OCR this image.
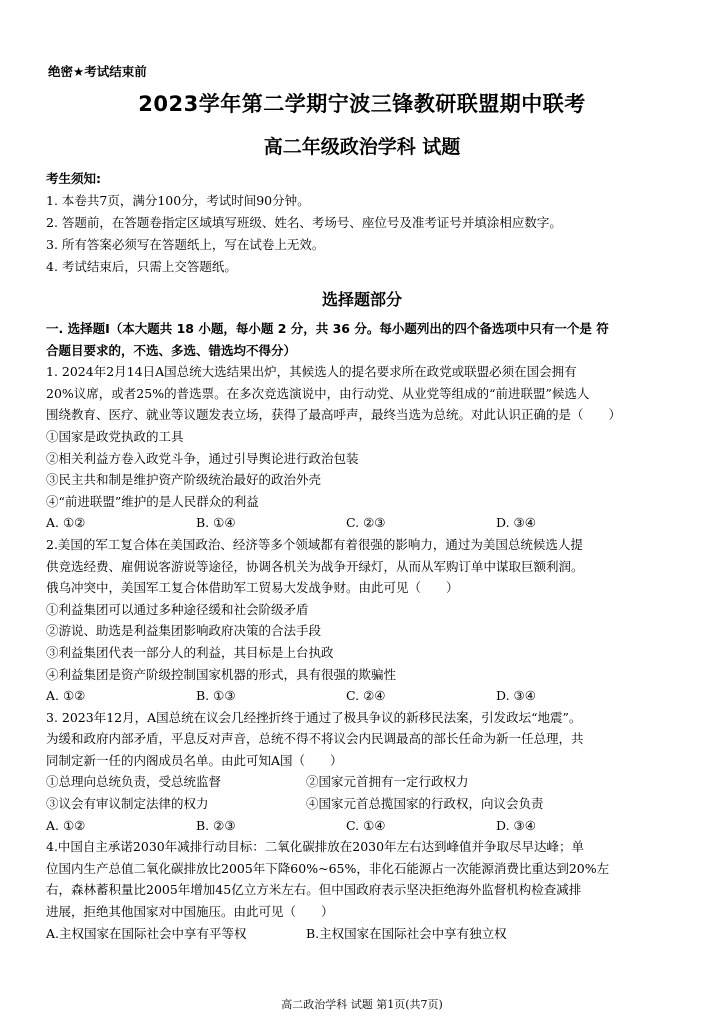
绝密★考试结束前
2023学年第二学期宁波三锋教研联盟期中联考
高二年级政治学科 试题
考生须知:
1. 本卷共7页，满分100分，考试时间90分钟。
2. 答题前，在答题卷指定区域填写班级、姓名、考场号、座位号及准考证号并填涂相应数字。
3. 所有答案必须写在答题纸上，写在试卷上无效。
4. 考试结束后，只需上交答题纸。
选择题部分
一. 选择题Ⅰ（本大题共 18 小题，每小题 2 分，共 36 分。每小题列出的四个备选项中只有一个是 符
合题目要求的，不选、多选、错选均不得分）
1. 2024年2月14日A国总统大选结果出炉，其候选人的提名要求所在政党或联盟必须在国会拥有
20%议席，或者25%的普选票。在多次竞选演说中，由行动党、从业党等组成的“前进联盟”候选人
围绕教育、医疗、就业等议题发表立场，获得了最高呼声，最终当选为总统。对此认识正确的是（　　）
①国家是政党执政的工具
②相关利益方卷入政党斗争，通过引导舆论进行政治包装
③民主共和制是维护资产阶级统治最好的政治外壳
④“前进联盟”维护的是人民群众的利益
A. ①②	B. ①④	C. ②③	D. ③④
2.美国的军工复合体在美国政治、经济等多个领域都有着很强的影响力，通过为美国总统候选人提
供竞选经费、雇佣说客游说等途径，协调各机关为战争开绿灯，从而从军购订单中谋取巨额利润。
俄乌冲突中，美国军工复合体借助军工贸易大发战争财。由此可见（　　）
①利益集团可以通过多种途径缓和社会阶级矛盾
②游说、助选是利益集团影响政府决策的合法手段
③利益集团代表一部分人的利益，其目标是上台执政
④利益集团是资产阶级控制国家机器的形式，具有很强的欺骗性
A. ①②	B. ①③	C. ②④	D. ③④
3. 2023年12月，A国总统在议会几经挫折终于通过了极具争议的新移民法案，引发政坛“地震”。
为缓和政府内部矛盾，平息反对声音，总统不得不将议会内民调最高的部长任命为新一任总理，共
同制定新一任的内阁成员名单。由此可知A国（　　）
①总理向总统负责，受总统监督	②国家元首拥有一定行政权力
③议会有审议制定法律的权力	④国家元首总揽国家的行政权，向议会负责
A. ①②	B. ②③	C. ①④	D. ③④
4.中国自主承诺2030年减排行动目标：二氧化碳排放在2030年左右达到峰值并争取尽早达峰；单
位国内生产总值二氧化碳排放比2005年下降60%~65%，非化石能源占一次能源消费比重达到20%左
右，森林蓄积量比2005年增加45亿立方米左右。但中国政府表示坚决拒绝海外监督机构检查减排
进展，拒绝其他国家对中国施压。由此可见（　　）
A.主权国家在国际社会中享有平等权	B.主权国家在国际社会中享有独立权
高二政治学科 试题 第1页(共7页)
